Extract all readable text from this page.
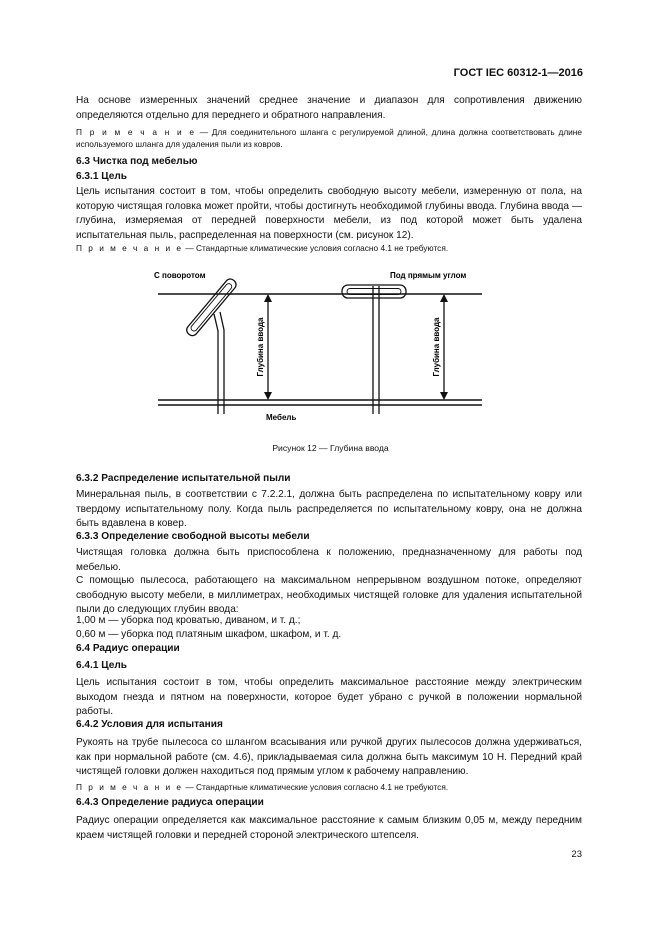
ГОСТ IEC 60312-1—2016

На основе измеренных значений среднее значение и диапазон для сопротивления движению определяются отдельно для переднего и обратного направления.

П р и м е ч а н и е — Для соединительного шланга с регулируемой длиной, длина должна соответствовать длине используемого шланга для удаления пыли из ковров.

6.3 Чистка под мебелью
6.3.1 Цель

Цель испытания состоит в том, чтобы определить свободную высоту мебели, измеренную от пола, на которую чистящая головка может пройти, чтобы достигнуть необходимой глубины ввода. Глубина ввода — глубина, измеряемая от передней поверхности мебели, из под которой может быть удалена испытательная пыль, распределенная на поверхности (см. рисунок 12).

П р и м е ч а н и е — Стандартные климатические условия согласно 4.1 не требуются.

Глубина ввода	Глубина ввода
С поворотом	Под прямым углом
Мебель
Рисунок 12 — Глубина ввода
6.3.2 Распределение испытательной пыли

Минеральная пыль, в соответствии с 7.2.2.1, должна быть распределена по испытательному ковру или твердому испытательному полу. Когда пыль распределяется по испытательному ковру, она не должна быть вдавлена в ковер.

6.3.3 Определение свободной высоты мебели

Чистящая головка должна быть приспособлена к положению, предназначенному для работы под мебелью.

С помощью пылесоса, работающего на максимальном непрерывном воздушном потоке, определяют свободную высоту мебели, в миллиметрах, необходимых чистящей головке для удаления испытательной пыли до следующих глубин ввода:

1,00 м — уборка под кроватью, диваном, и т. д.;
0,60 м — уборка под платяным шкафом, шкафом, и т. д.
6.4 Радиус операции
6.4.1 Цель

Цель испытания состоит в том, чтобы определить максимальное расстояние между электрическим выходом гнезда и пятном на поверхности, которое будет убрано с ручкой в положении нормальной работы.

6.4.2 Условия для испытания

Рукоять на трубе пылесоса со шлангом всасывания или ручкой других пылесосов должна удерживаться, как при нормальной работе (см. 4.6), прикладываемая сила должна быть максимум 10 Н. Передний край чистящей головки должен находиться под прямым углом к рабочему направлению.

П р и м е ч а н и е — Стандартные климатические условия согласно 4.1 не требуются.

6.4.3 Определение радиуса операции

Радиус операции определяется как максимальное расстояние к самым близким 0,05 м, между передним краем чистящей головки и передней стороной электрического штепселя.

23
